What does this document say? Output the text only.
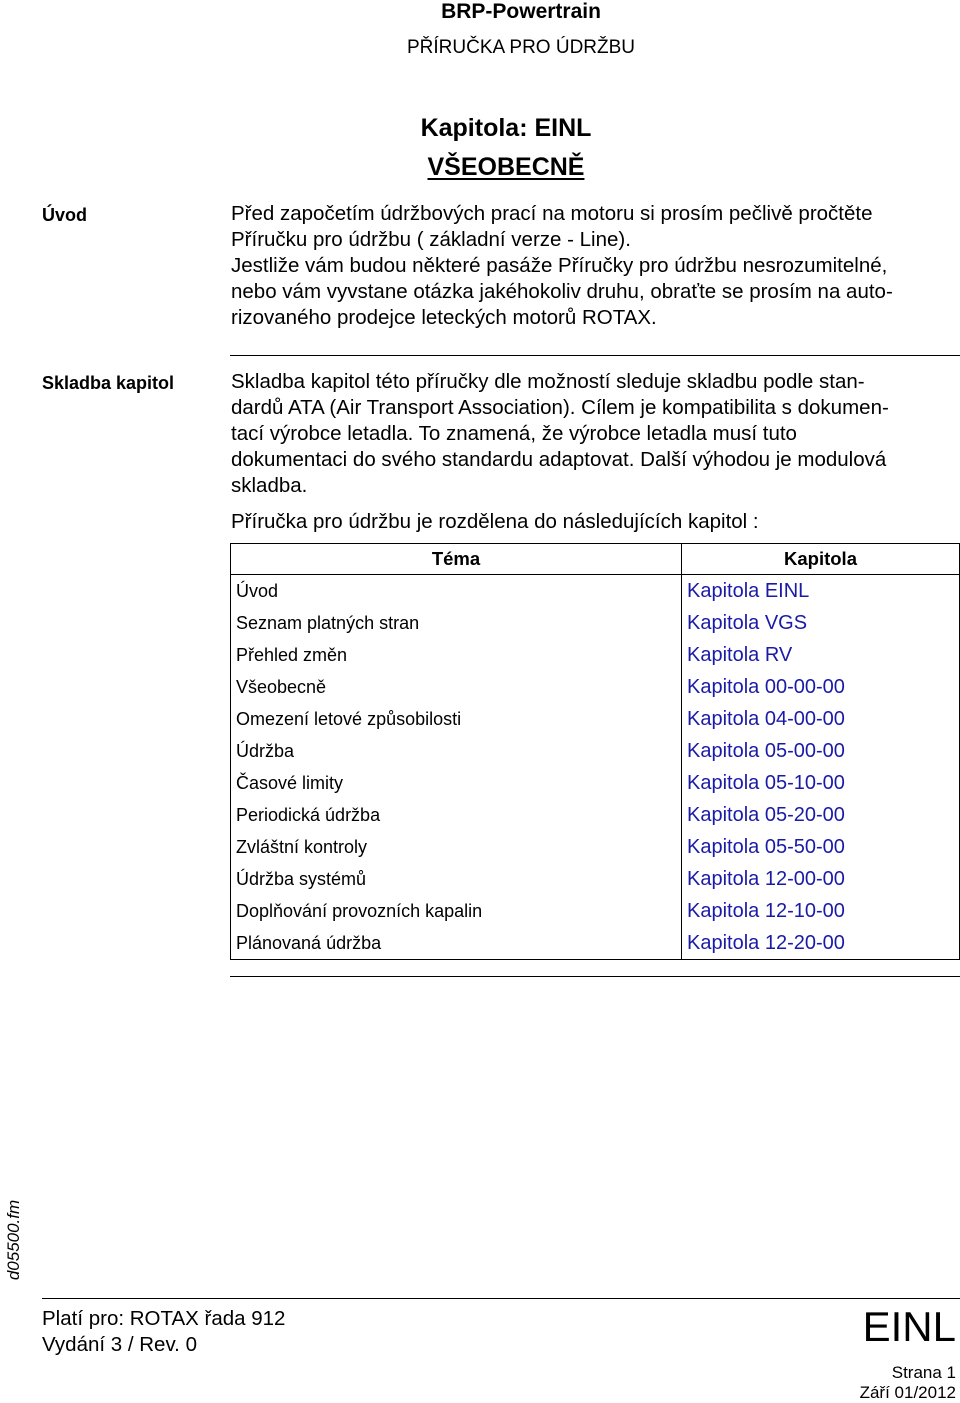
BRP-Powertrain
PŘÍRUČKA PRO ÚDRŽBU
Kapitola: EINL
VŠEOBECNĚ
Úvod	Před započetím údržbových prací na motoru si prosím pečlivě pročtěte
Příručku pro údržbu ( základní verze - Line).
Jestliže vám budou některé pasáže Příručky pro údržbu nesrozumitelné,
nebo vám vyvstane otázka jakéhokoliv druhu, obraťte se prosím na auto-
rizovaného prodejce leteckých motorů ROTAX.
Skladba kapitol	Skladba kapitol této příručky dle možností sleduje skladbu podle stan-
dardů ATA (Air Transport Association). Cílem je kompatibilita s dokumen-
tací výrobce letadla. To znamená, že výrobce letadla musí tuto
dokumentaci do svého standardu adaptovat. Další výhodou je modulová
skladba.
Příručka pro údržbu je rozdělena do následujících kapitol :
Téma	Kapitola
Úvod	Kapitola EINL
Seznam platných stran	Kapitola VGS
Přehled změn	Kapitola RV
Všeobecně	Kapitola 00-00-00
Omezení letové způsobilosti	Kapitola 04-00-00
Údržba	Kapitola 05-00-00
Časové limity	Kapitola 05-10-00
Periodická údržba	Kapitola 05-20-00
Zvláštní kontroly	Kapitola 05-50-00
Údržba systémů	Kapitola 12-00-00
Doplňování provozních kapalin	Kapitola 12-10-00
Plánovaná údržba	Kapitola 12-20-00
d05500.fm
Platí pro: ROTAX řada 912
Vydání 3 / Rev. 0	EINL
Strana 1
Září 01/2012
